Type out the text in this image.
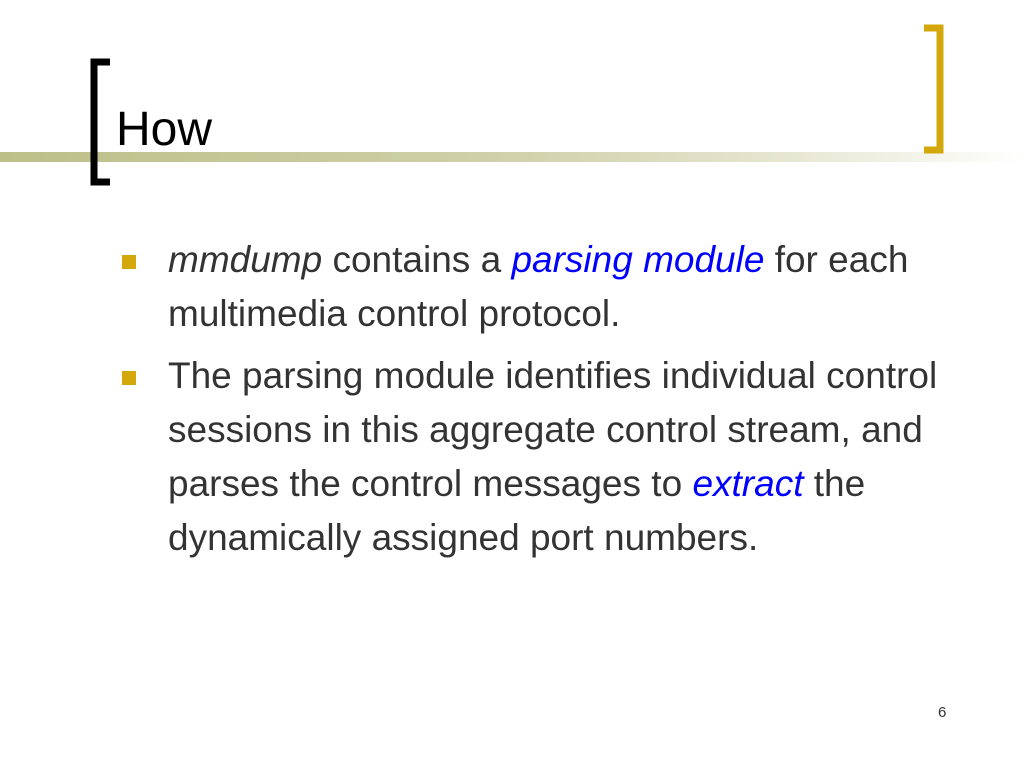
How
mmdump contains a parsing module for each multimedia control protocol.
The parsing module identifies individual control sessions in this aggregate control stream, and parses the control messages to extract the dynamically assigned port numbers.
6
